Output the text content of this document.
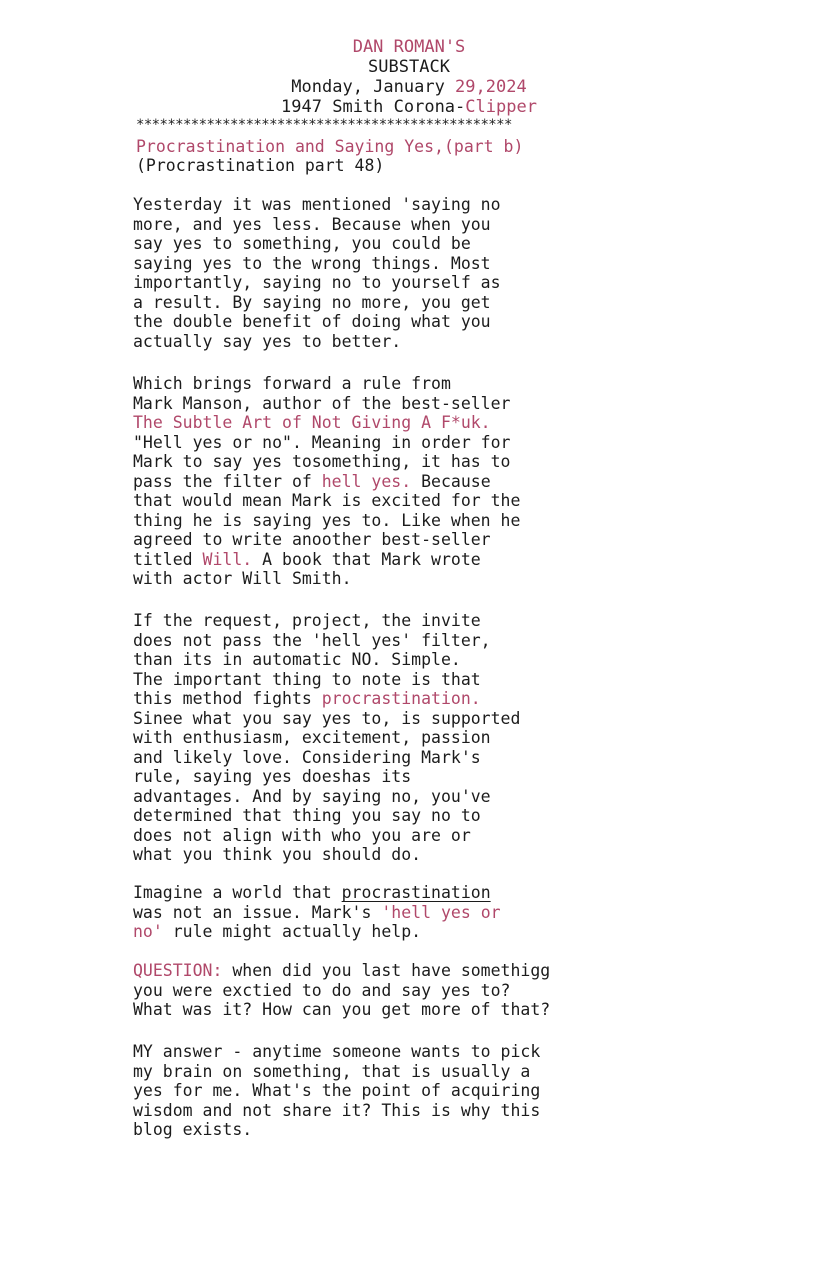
DAN ROMAN'S
SUBSTACK
Monday, January 29,2024
1947 Smith Corona-Clipper
************************************************
Procrastination and Saying Yes,(part b)
(Procrastination part 48)
Yesterday it was mentioned 'saying no
more, and yes less. Because when you
say yes to something, you could be
saying yes to the wrong things. Most
importantly, saying no to yourself as
a result. By saying no more, you get
the double benefit of doing what you
actually say yes to better.
Which brings forward a rule from
Mark Manson, author of the best-seller
The Subtle Art of Not Giving A F*uk.
"Hell yes or no". Meaning in order for
Mark to say yes tosomething, it has to
pass the filter of hell yes. Because
that would mean Mark is excited for the
thing he is saying yes to. Like when he
agreed to write anoother best-seller
titled Will. A book that Mark wrote
with actor Will Smith.
If the request, project, the invite
does not pass the 'hell yes' filter,
than its in automatic NO. Simple.
The important thing to note is that
this method fights procrastination.
Sinee what you say yes to, is supported
with enthusiasm, excitement, passion
and likely love. Considering Mark's
rule, saying yes doeshas its
advantages. And by saying no, you've
determined that thing you say no to
does not align with who you are or
what you think you should do.
Imagine a world that procrastination
was not an issue. Mark's 'hell yes or
no' rule might actually help.
QUESTION: when did you last have somethigg
you were exctied to do and say yes to?
What was it? How can you get more of that?
MY answer - anytime someone wants to pick
my brain on something, that is usually a
yes for me. What's the point of acquiring
wisdom and not share it? This is why this
blog exists.
